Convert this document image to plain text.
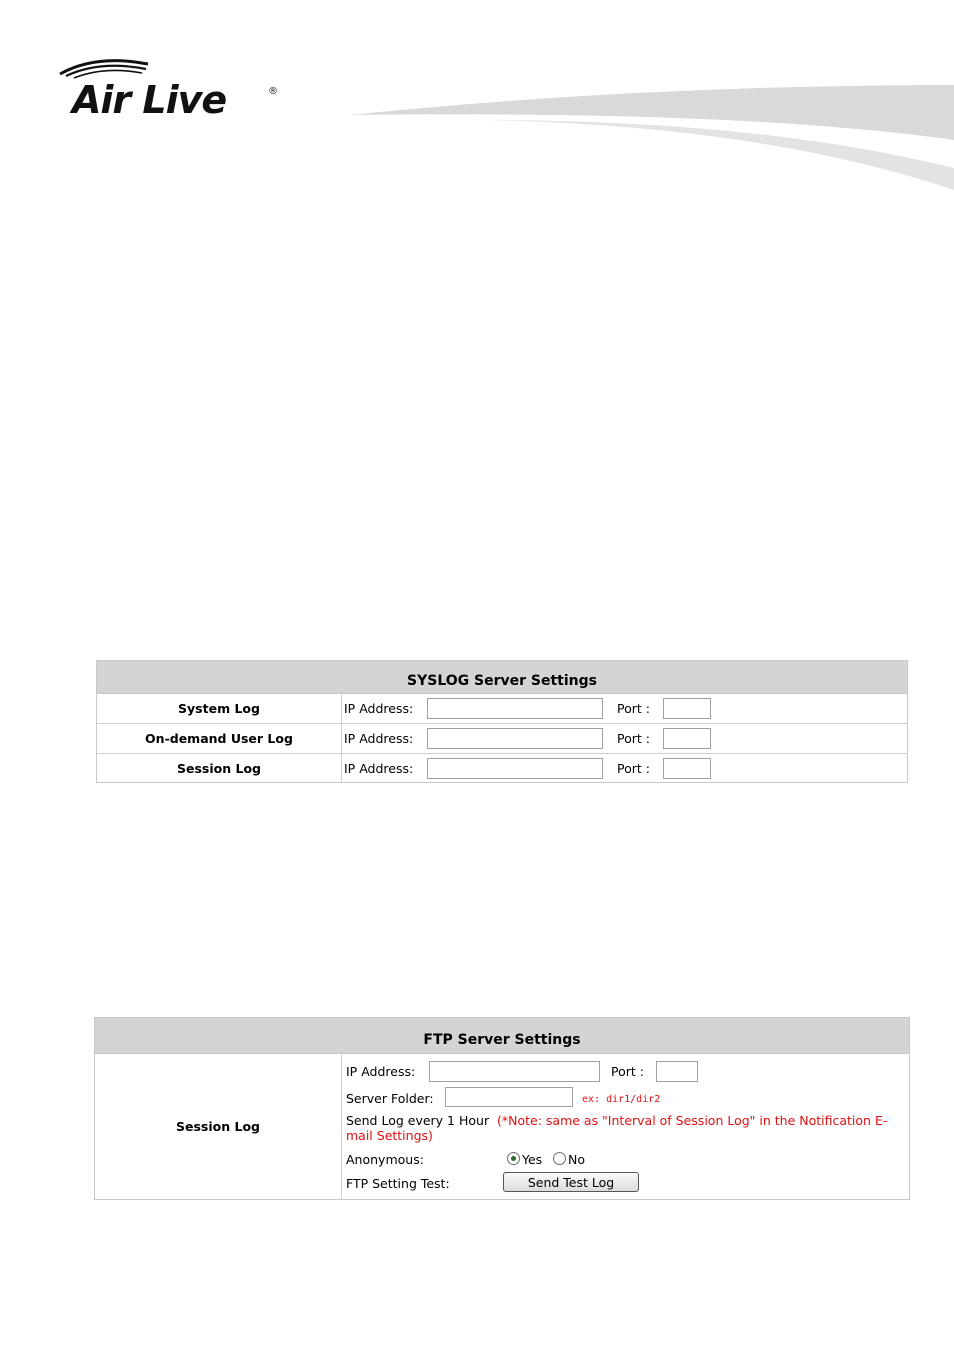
Air Live	®
SYSLOG Server Settings
System Log	IP Address:	Port :
On-demand User Log	IP Address:	Port :
Session Log	IP Address:	Port :
FTP Server Settings
Session Log
IP Address:	Port :
Server Folder:	ex: dir1/dir2
Send Log every 1 Hour (*Note: same as "Interval of Session Log" in the Notification E-
mail Settings)
Anonymous:	Yes	No
FTP Setting Test:	Send Test Log
